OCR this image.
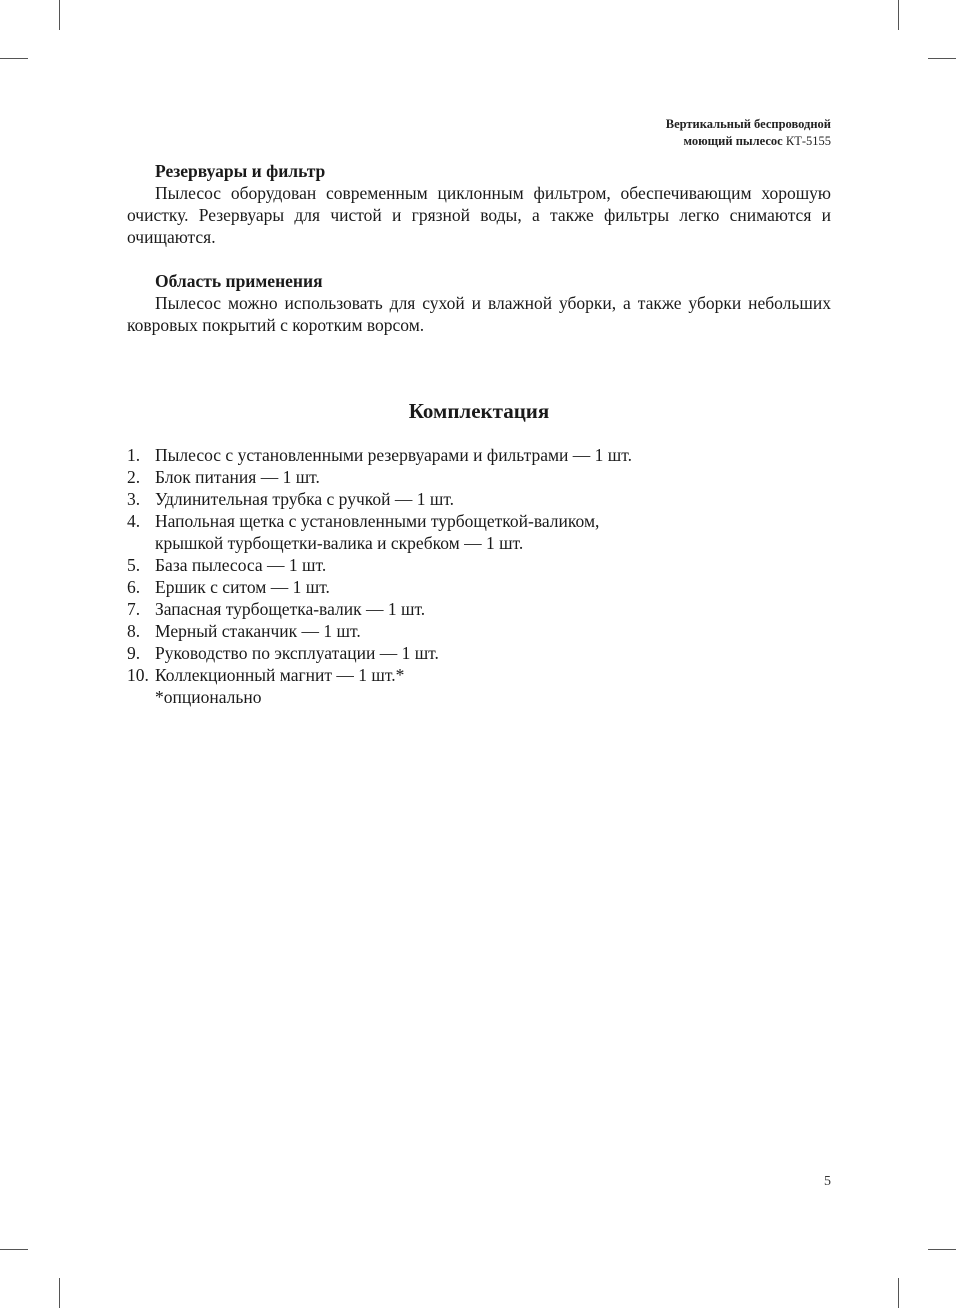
Вертикальный беспроводной
моющий пылесос КТ-5155

Резервуары и фильтр

Пылесос оборудован современным циклонным фильтром, обеспечивающим хорошую очистку. Резервуары для чистой и грязной воды, а также фильтры легко снимаются и очищаются.

Область применения

Пылесос можно использовать для сухой и влажной уборки, а также уборки небольших ковровых покрытий с коротким ворсом.

Комплектация
1. Пылесос с установленными резервуарами и фильтрами — 1 шт.
2. Блок питания — 1 шт.
3. Удлинительная трубка с ручкой — 1 шт.
4. Напольная щетка с установленными турбощеткой-валиком,
крышкой турбощетки-валика и скребком — 1 шт.
5. База пылесоса — 1 шт.
6. Ершик с ситом — 1 шт.
7. Запасная турбощетка-валик — 1 шт.
8. Мерный стаканчик — 1 шт.
9. Руководство по эксплуатации — 1 шт.
10. Коллекционный магнит — 1 шт.*
*опционально
5
